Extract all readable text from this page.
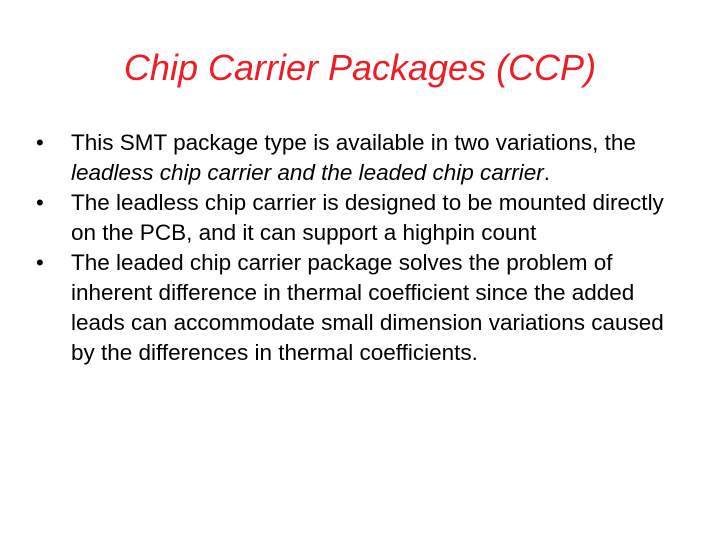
Chip Carrier Packages (CCP)
•	This SMT package type is available in two variations, the leadless chip carrier and the leaded chip carrier.
•	The leadless chip carrier is designed to be mounted directly on the PCB, and it can support a highpin count
•	The leaded chip carrier package solves the problem of inherent difference in thermal coefficient since the added leads can accommodate small dimension variations caused by the differences in thermal coefficients.
